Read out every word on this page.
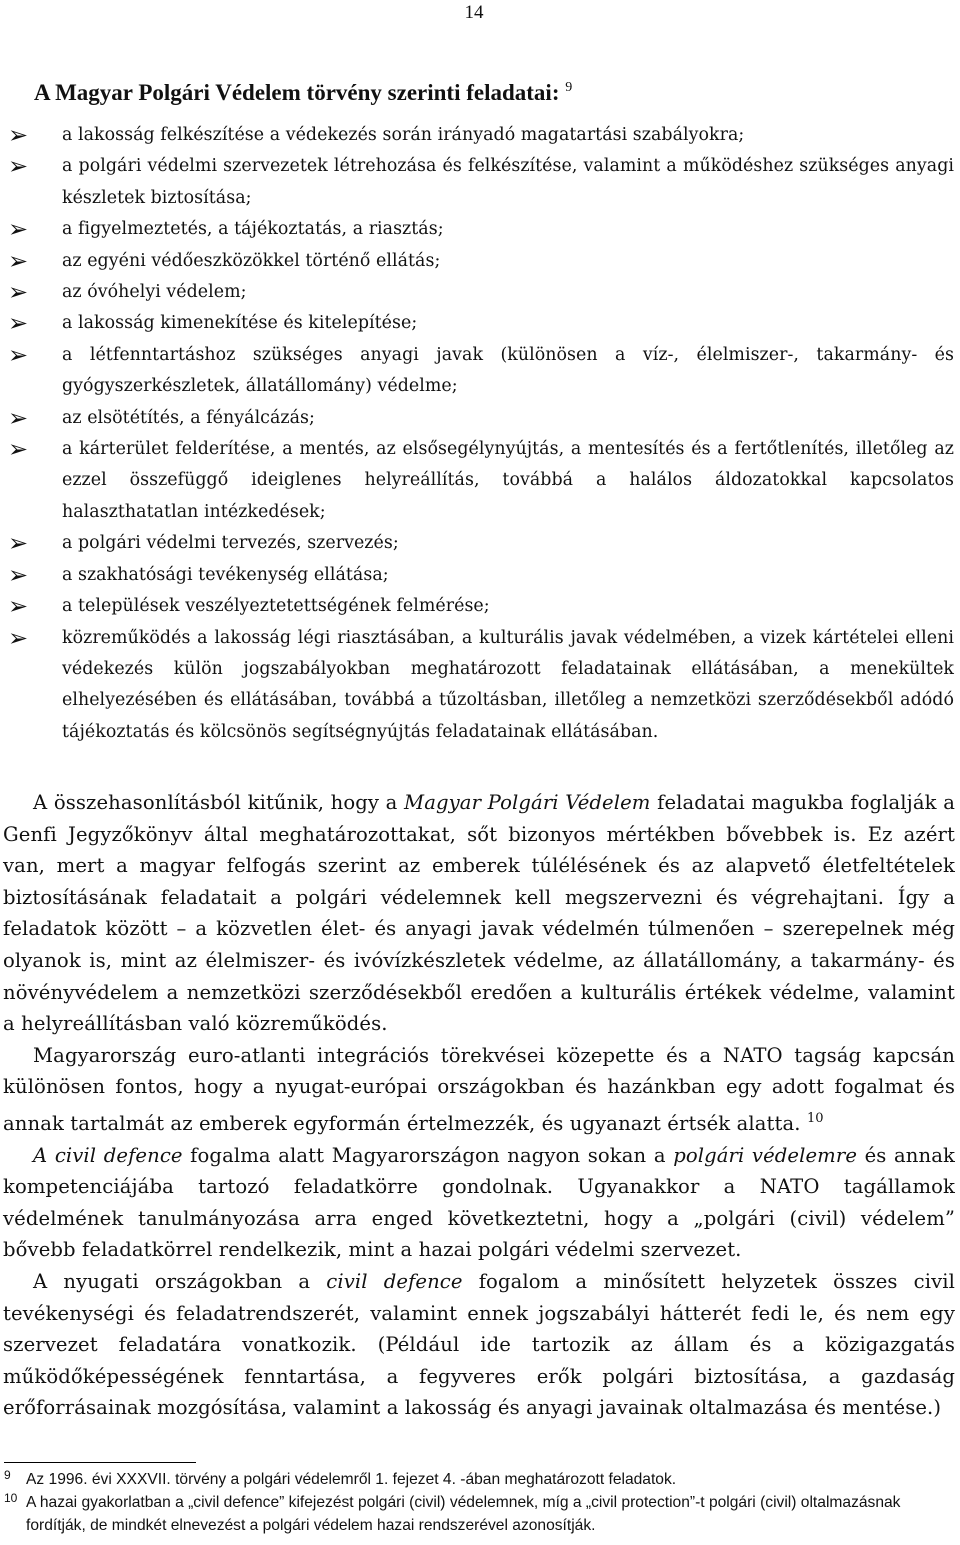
14
A Magyar Polgári Védelem törvény szerinti feladatai: $^9$
➢	a lakosság felkészítése a védekezés során irányadó magatartási szabályokra;
➢	a polgári védelmi szervezetek létrehozása és felkészítése, valamint a működéshez szükséges anyagi készletek biztosítása;
➢	a figyelmeztetés, a tájékoztatás, a riasztás;
➢	az egyéni védőeszközökkel történő ellátás;
➢	az óvóhelyi védelem;
➢	a lakosság kimenekítése és kitelepítése;
➢	a létfenntartáshoz szükséges anyagi javak (különösen a víz-, élelmiszer-, takarmány- és gyógyszerkészletek, állatállomány) védelme;
➢	az elsötétítés, a fényálcázás;
➢	a kárterület felderítése, a mentés, az elsősegélynyújtás, a mentesítés és a fertőtlenítés, illetőleg az ezzel összefüggő ideiglenes helyreállítás, továbbá a halálos áldozatokkal kapcsolatos halaszthatatlan intézkedések;
➢	a polgári védelmi tervezés, szervezés;
➢	a szakhatósági tevékenység ellátása;
➢	a települések veszélyeztetettségének felmérése;
➢	közreműködés a lakosság légi riasztásában, a kulturális javak védelmében, a vizek kártételei elleni védekezés külön jogszabályokban meghatározott feladatainak ellátásában, a menekültek elhelyezésében és ellátásában, továbbá a tűzoltásban, illetőleg a nemzetközi szerződésekből adódó tájékoztatás és kölcsönös segítségnyújtás feladatainak ellátásában.

A összehasonlításból kitűnik, hogy a Magyar Polgári Védelem feladatai magukba foglalják a Genfi Jegyzőkönyv által meghatározottakat, sőt bizonyos mértékben bővebbek is. Ez azért van, mert a magyar felfogás szerint az emberek túlélésének és az alapvető életfeltételek biztosításának feladatait a polgári védelemnek kell megszervezni és végrehajtani. Így a feladatok között – a közvetlen élet- és anyagi javak védelmén túlmenően – szerepelnek még olyanok is, mint az élelmiszer- és ivóvízkészletek védelme, az állatállomány, a takarmány- és növényvédelem a nemzetközi szerződésekből eredően a kulturális értékek védelme, valamint a helyreállításban való közreműködés.

Magyarország euro-atlanti integrációs törekvései közepette és a NATO tagság kapcsán különösen fontos, hogy a nyugat-európai országokban és hazánkban egy adott fogalmat és annak tartalmát az emberek egyformán értelmezzék, és ugyanazt értsék alatta. $^{10}$

A civil defence fogalma alatt Magyarországon nagyon sokan a polgári védelemre és annak kompetenciájába tartozó feladatkörre gondolnak. Ugyanakkor a NATO tagállamok védelmének tanulmányozása arra enged következtetni, hogy a „polgári (civil) védelem” bővebb feladatkörrel rendelkezik, mint a hazai polgári védelmi szervezet.

A nyugati országokban a civil defence fogalom a minősített helyzetek összes civil tevékenységi és feladatrendszerét, valamint ennek jogszabályi hátterét fedi le, és nem egy szervezet feladatára vonatkozik. (Például ide tartozik az állam és a közigazgatás működőképességének fenntartása, a fegyveres erők polgári biztosítása, a gazdaság erőforrásainak mozgósítása, valamint a lakosság és anyagi javainak oltalmazása és mentése.)

9 Az 1996. évi XXXVII. törvény a polgári védelemről 1. fejezet 4. -ában meghatározott feladatok.
10 A hazai gyakorlatban a „civil defence” kifejezést polgári (civil) védelemnek, míg a „civil protection”-t polgári (civil) oltalmazásnak fordítják, de mindkét elnevezést a polgári védelem hazai rendszerével azonosítják.
